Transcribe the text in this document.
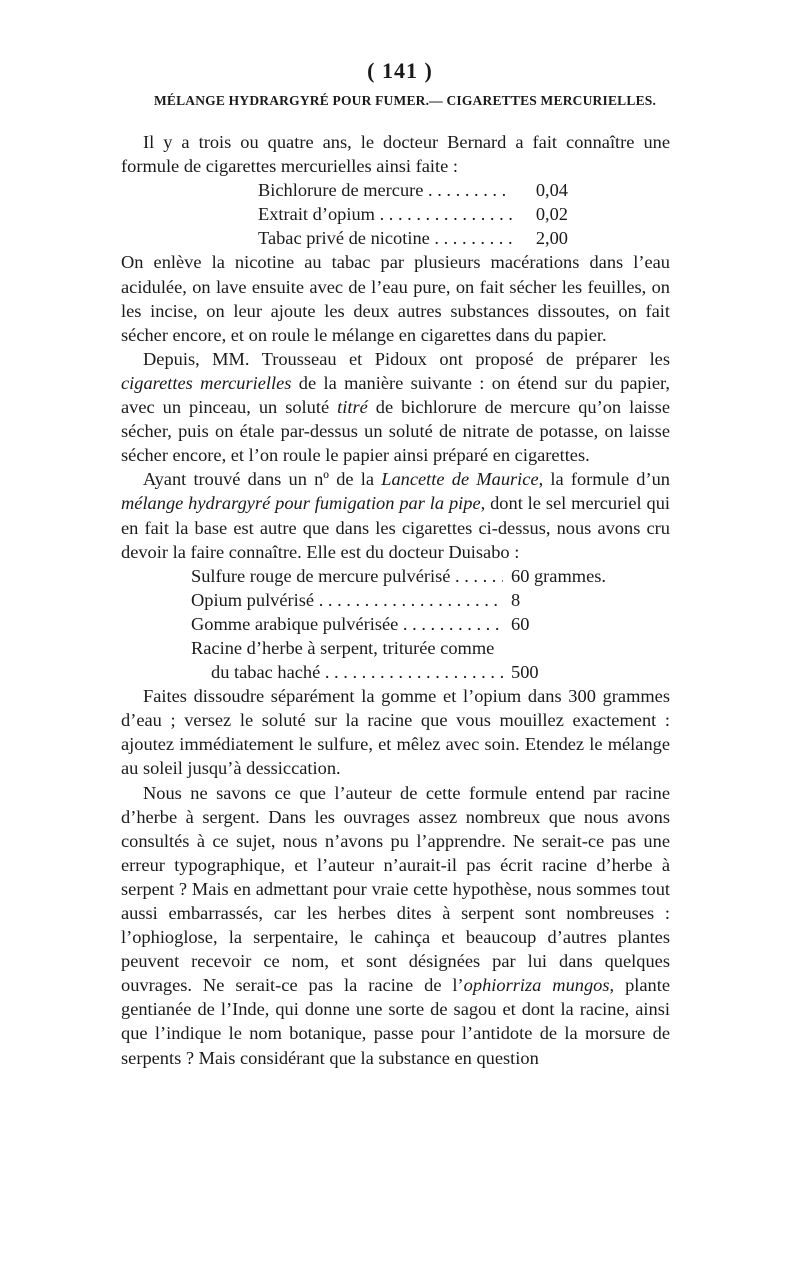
( 141 )
MÉLANGE HYDRARGYRÉ POUR FUMER.— CIGARETTES MERCURIELLES.

Il y a trois ou quatre ans, le docteur Bernard a fait connaître une formule de cigarettes mercurielles ainsi faite :

Bichlorure de mercure . . .	0,04
Extrait d’opium . . .	0,02
Tabac privé de nicotine . . .	2,00

On enlève la nicotine au tabac par plusieurs macérations dans l’eau acidulée, on lave ensuite avec de l’eau pure, on fait sécher les feuilles, on les incise, on leur ajoute les deux autres substances dissoutes, on fait sécher encore, et on roule le mélange en cigarettes dans du papier.

Depuis, MM. Trousseau et Pidoux ont proposé de préparer les cigarettes mercurielles de la manière suivante : on étend sur du papier, avec un pinceau, un soluté titré de bichlorure de mercure qu’on laisse sécher, puis on étale par-dessus un soluté de nitrate de potasse, on laisse sécher encore, et l’on roule le papier ainsi préparé en cigarettes.

Ayant trouvé dans un nº de la Lancette de Maurice, la formule d’un mélange hydrargyré pour fumigation par la pipe, dont le sel mercuriel qui en fait la base est autre que dans les cigarettes ci-dessus, nous avons cru devoir la faire connaître. Elle est du docteur Duisabo :

Sulfure rouge de mercure pulvérisé . . .	60 grammes.
Opium pulvérisé . . .	8
Gomme arabique pulvérisée . . .	60
Racine d’herbe à serpent, triturée comme
du tabac haché . . .	500

Faites dissoudre séparément la gomme et l’opium dans 300 grammes d’eau ; versez le soluté sur la racine que vous mouillez exactement : ajoutez immédiatement le sulfure, et mêlez avec soin. Etendez le mélange au soleil jusqu’à dessiccation.

Nous ne savons ce que l’auteur de cette formule entend par racine d’herbe à sergent. Dans les ouvrages assez nombreux que nous avons consultés à ce sujet, nous n’avons pu l’apprendre. Ne serait-ce pas une erreur typographique, et l’auteur n’aurait-il pas écrit racine d’herbe à serpent ? Mais en admettant pour vraie cette hypothèse, nous sommes tout aussi embarrassés, car les herbes dites à serpent sont nombreuses : l’ophioglose, la serpentaire, le cahinça et beaucoup d’autres plantes peuvent recevoir ce nom, et sont désignées par lui dans quelques ouvrages. Ne serait-ce pas la racine de l’ophiorriza mungos, plante gentianée de l’Inde, qui donne une sorte de sagou et dont la racine, ainsi que l’indique le nom botanique, passe pour l’antidote de la morsure de serpents ? Mais considérant que la substance en question
